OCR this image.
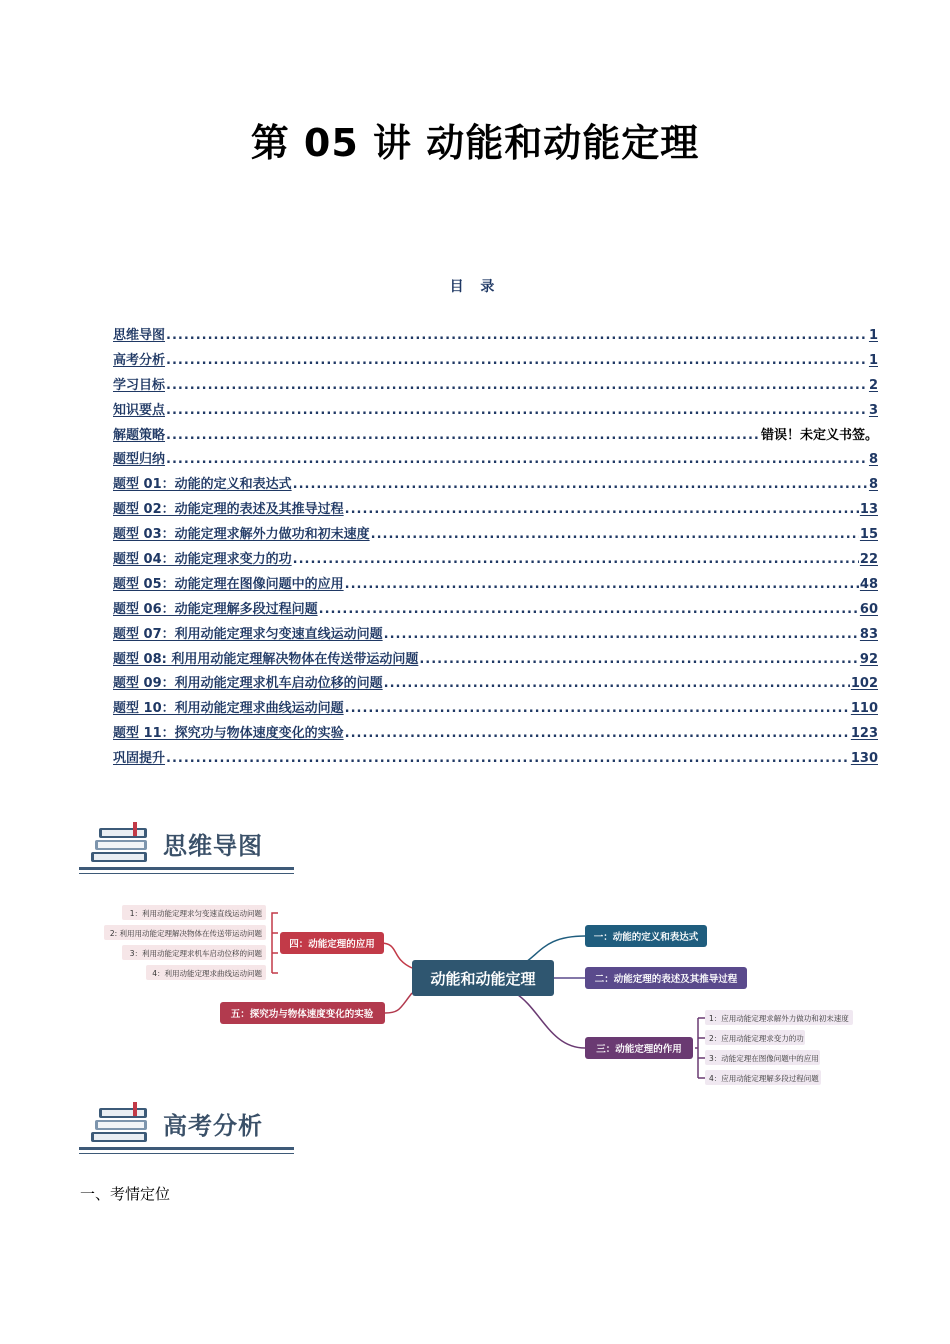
第 05 讲 动能和动能定理
目 录
思维导图 .....	1
高考分析 .....	1
学习目标 .....	2
知识要点 .....	3
解题策略 .....	错误！未定义书签。
题型归纳 .....	8
题型 01：动能的定义和表达式 .....	8
题型 02：动能定理的表述及其推导过程 .....	13
题型 03：动能定理求解外力做功和初末速度 .....	15
题型 04：动能定理求变力的功 .....	22
题型 05：动能定理在图像问题中的应用 .....	48
题型 06：动能定理解多段过程问题 .....	60
题型 07：利用动能定理求匀变速直线运动问题 .....	83
题型 08: 利用用动能定理解决物体在传送带运动问题 .....	92
题型 09：利用动能定理求机车启动位移的问题 .....	102
题型 10：利用动能定理求曲线运动问题 .....	110
题型 11：探究功与物体速度变化的实验 .....	123
巩固提升 .....	130
思维导图
动能和动能定理
一：动能的定义和表达式
二：动能定理的表述及其推导过程
三：动能定理的作用
1：应用动能定理求解外力做功和初末速度
2：应用动能定理求变力的功
3：动能定理在图像问题中的应用
4：应用动能定理解多段过程问题
四：动能定理的应用
1：利用动能定理求匀变速直线运动问题
2: 利用用动能定理解决物体在传送带运动问题
3：利用动能定理求机车启动位移的问题
4：利用动能定理求曲线运动问题
五：探究功与物体速度变化的实验
高考分析
一、考情定位
